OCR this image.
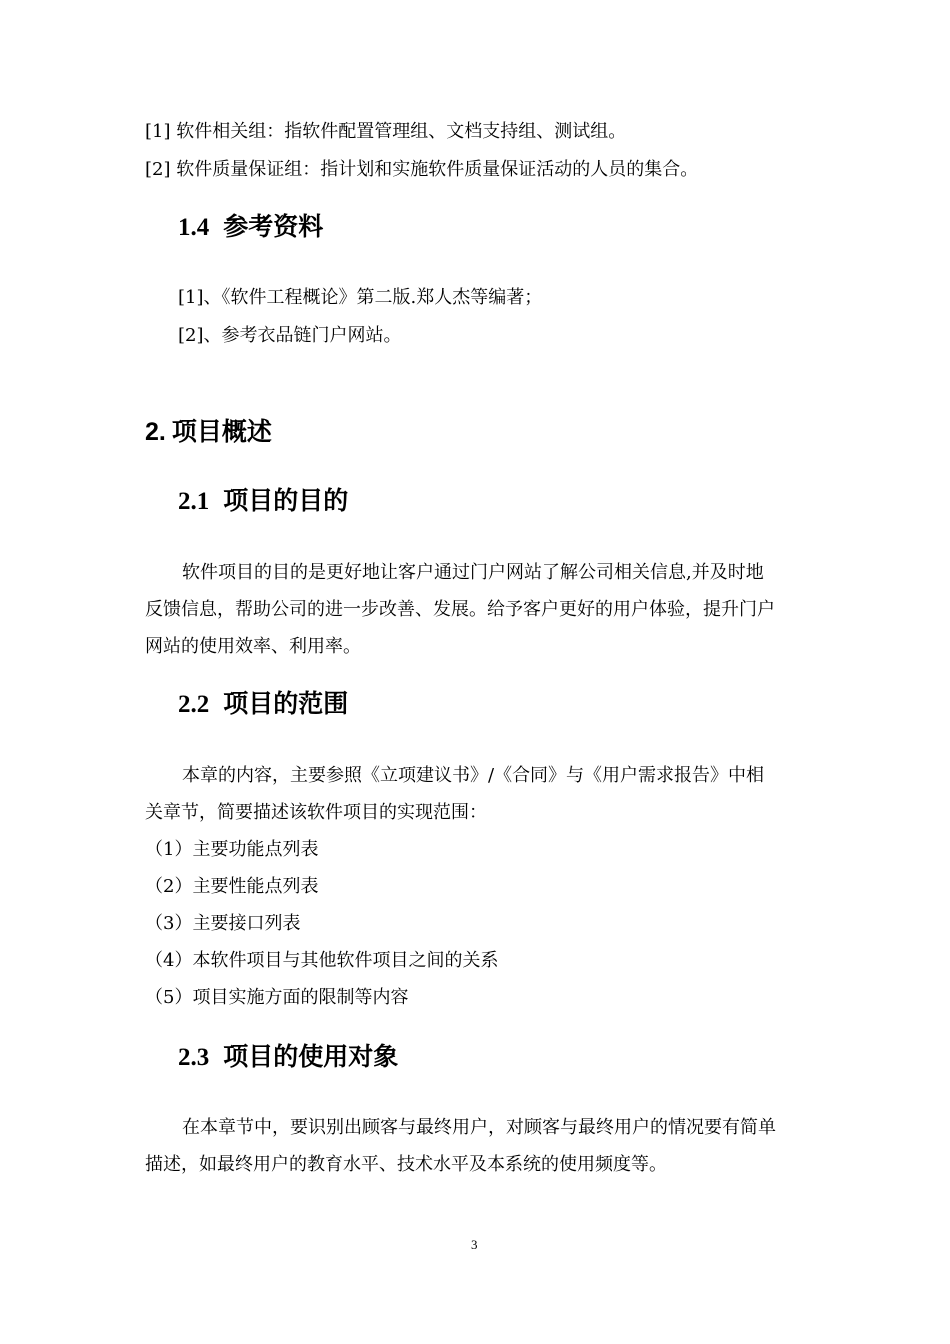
[1] 软件相关组：指软件配置管理组、文档支持组、测试组。

[2] 软件质量保证组：指计划和实施软件质量保证活动的人员的集合。

1.4 参考资料

[1]、《软件工程概论》第二版.郑人杰等编著；

[2]、参考衣品链门户网站。

2. 项目概述
2.1 项目的目的

软件项目的目的是更好地让客户通过门户网站了解公司相关信息,并及时地

反馈信息，帮助公司的进一步改善、发展。给予客户更好的用户体验，提升门户

网站的使用效率、利用率。

2.2 项目的范围

本章的内容，主要参照《立项建议书》/《合同》与《用户需求报告》中相

关章节，简要描述该软件项目的实现范围：

（1）主要功能点列表

（2）主要性能点列表

（3）主要接口列表

（4）本软件项目与其他软件项目之间的关系

（5）项目实施方面的限制等内容

2.3 项目的使用对象

在本章节中，要识别出顾客与最终用户，对顾客与最终用户的情况要有简单

描述，如最终用户的教育水平、技术水平及本系统的使用频度等。

3
